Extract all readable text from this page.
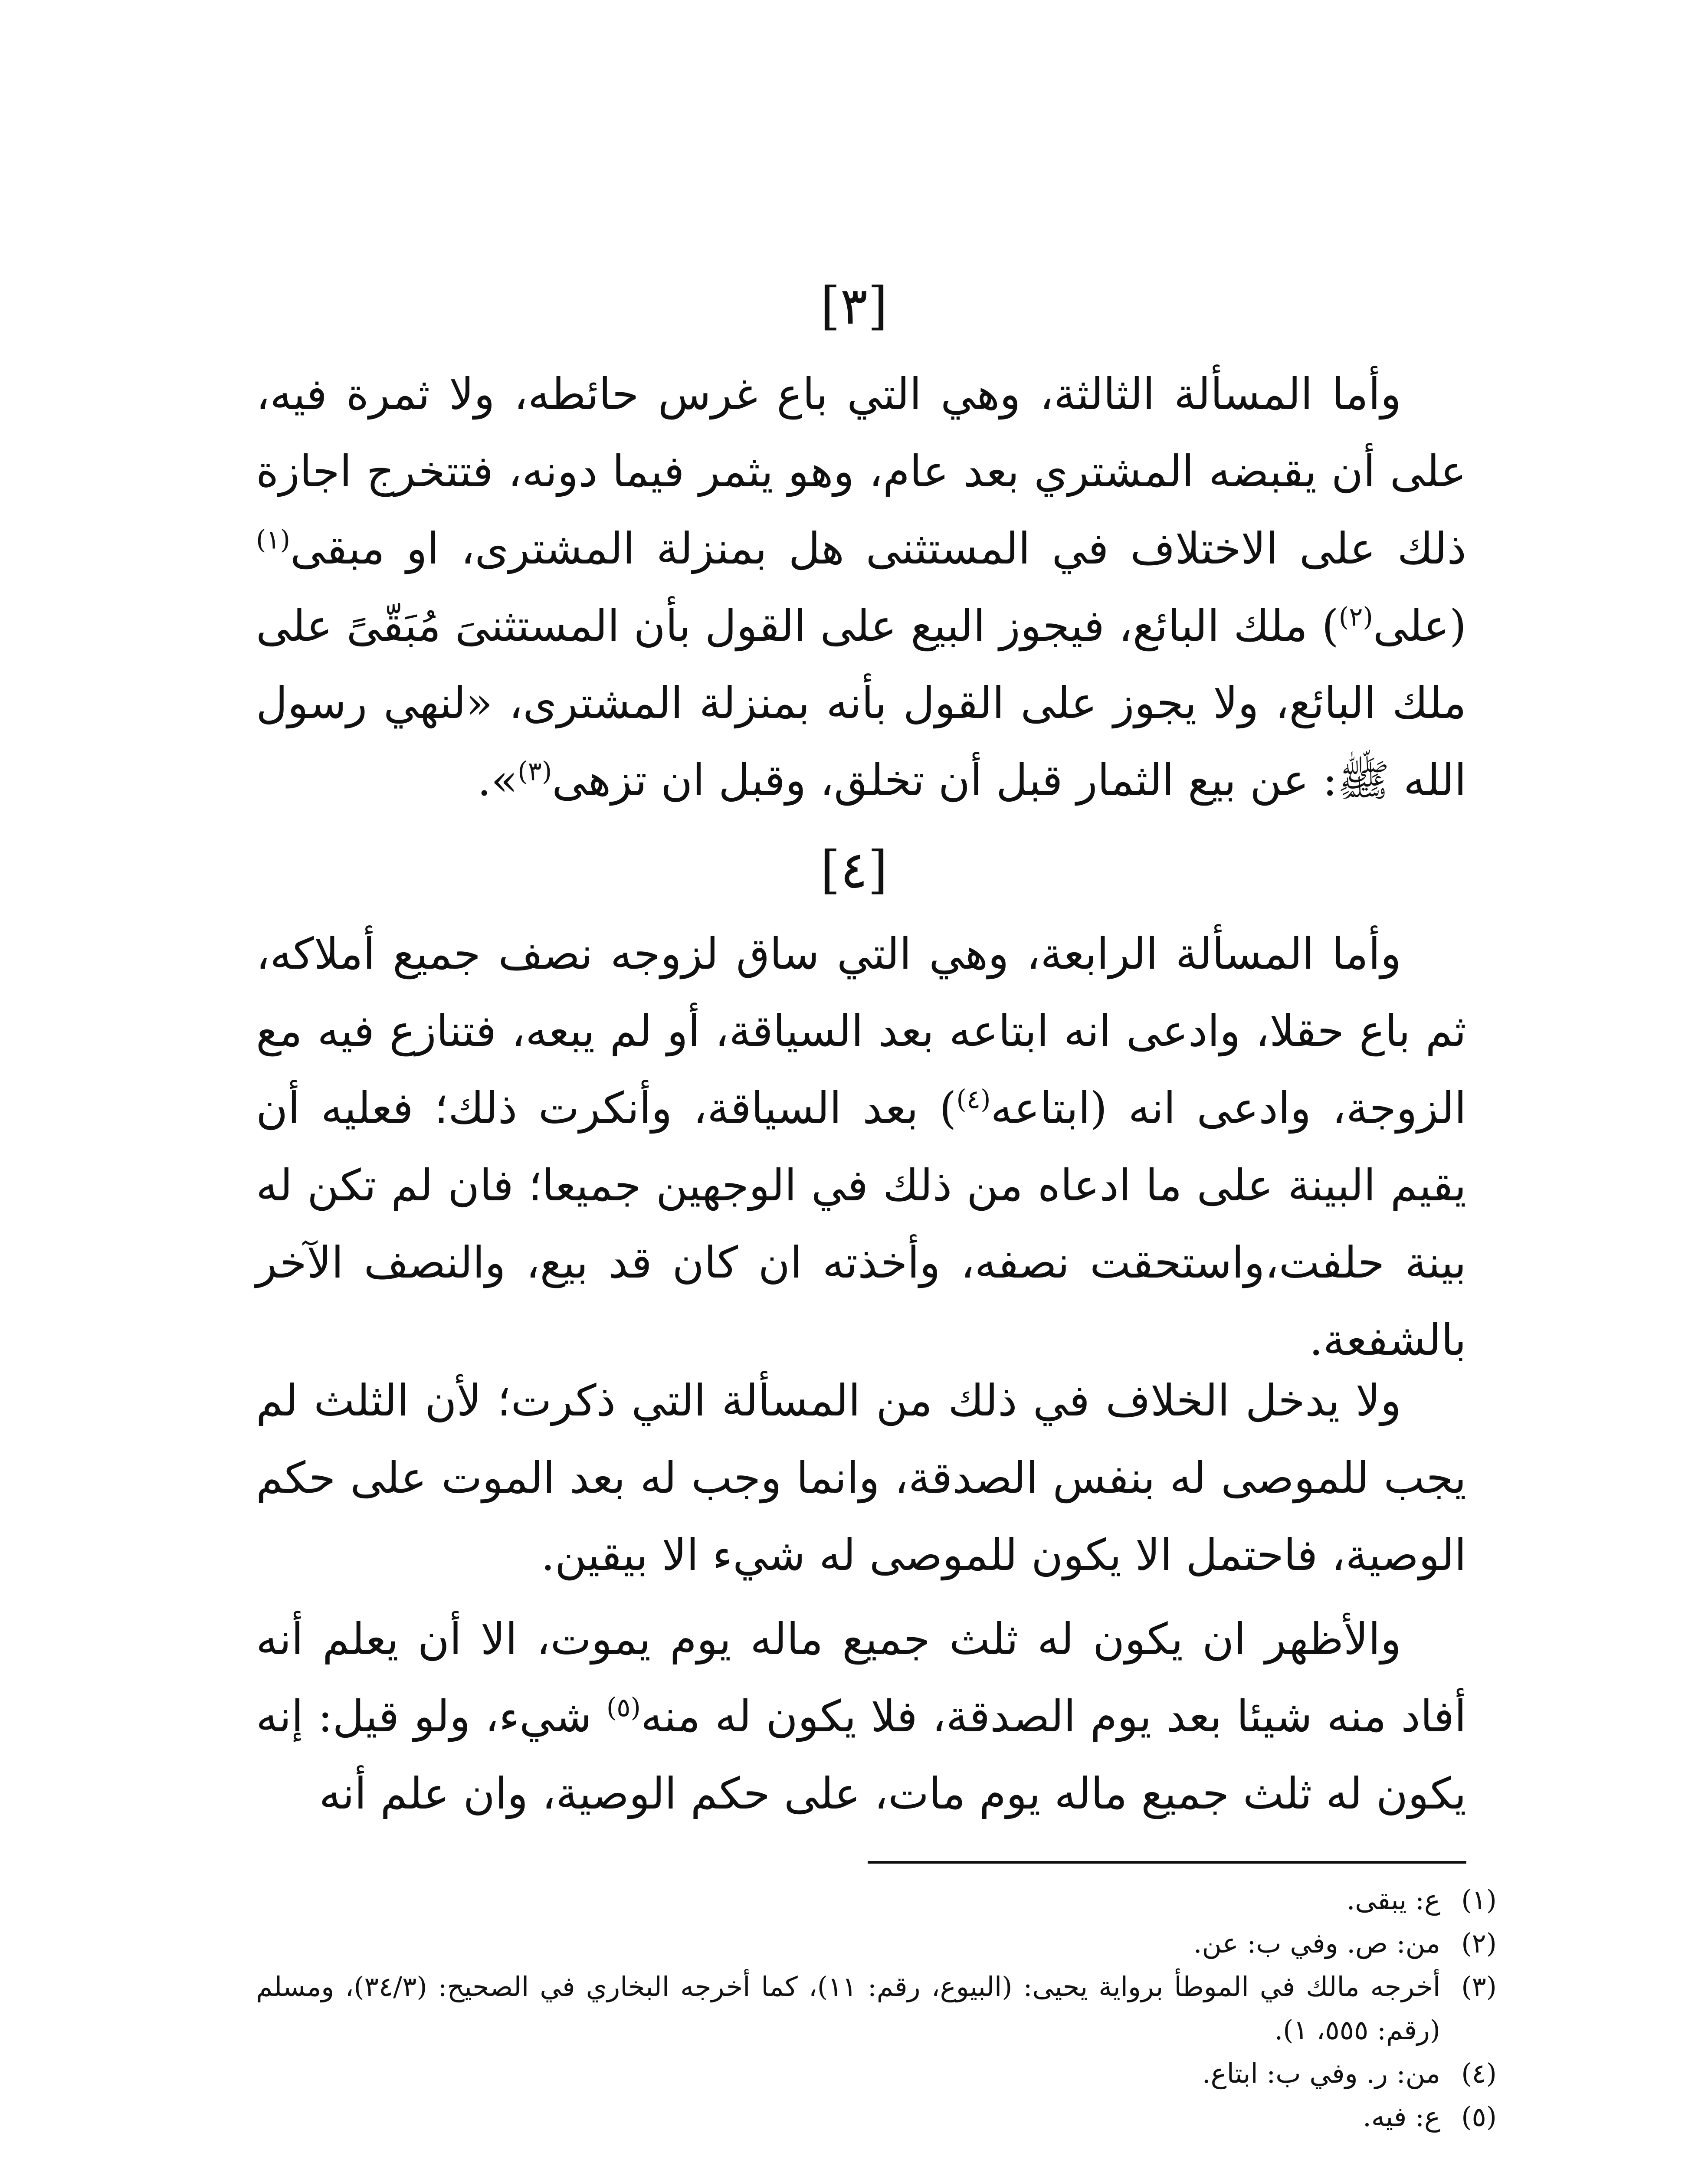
[٣]

وأما المسألة الثالثة، وهي التي باع غرس حائطه، ولا ثمرة فيه، على أن يقبضه المشتري بعد عام، وهو يثمر فيما دونه، فتتخرج اجازة ذلك على الاختلاف في المستثنى هل بمنزلة المشترى، او مبقى$^{(١)}$(على$^{(٢)}$) ملك البائع، فيجوز البيع على القول بأن المستثنىَ مُبَقّىً على ملك البائع، ولا يجوز على القول بأنه بمنزلة المشترى، «لنهي رسول الله ﷺ: عن بيع الثمار قبل أن تخلق، وقبل ان تزهى$^{(٣)}$».

[٤]

وأما المسألة الرابعة، وهي التي ساق لزوجه نصف جميع أملاكه، ثم باع حقلا، وادعى انه ابتاعه بعد السياقة، أو لم يبعه، فتنازع فيه مع الزوجة، وادعى انه (ابتاعه$^{(٤)}$) بعد السياقة، وأنكرت ذلك؛ فعليه أن يقيم البينة على ما ادعاه من ذلك في الوجهين جميعا؛ فان لم تكن له بينة حلفت،واستحقت نصفه، وأخذته ان كان قد بيع، والنصف الآخر بالشفعة.

ولا يدخل الخلاف في ذلك من المسألة التي ذكرت؛ لأن الثلث لم يجب للموصى له بنفس الصدقة، وانما وجب له بعد الموت على حكم الوصية، فاحتمل الا يكون للموصى له شيء الا بيقين.

والأظهر ان يكون له ثلث جميع ماله يوم يموت، الا أن يعلم أنه أفاد منه شيئا بعد يوم الصدقة، فلا يكون له منه$^{(٥)}$ شيء، ولو قيل: إنه يكون له ثلث جميع ماله يوم مات، على حكم الوصية، وان علم أنه

(١)
ع: يبقى.
(٢)
من: ص. وفي ب: عن.
(٣)
أخرجه مالك في الموطأ برواية يحيى: (البيوع، رقم: ١١)، كما أخرجه البخاري في الصحيح: (٣٤/٣)، ومسلم (رقم: ٥٥٥، ١).
(٤)
من: ر. وفي ب: ابتاع.
(٥)
ع: فيه.
